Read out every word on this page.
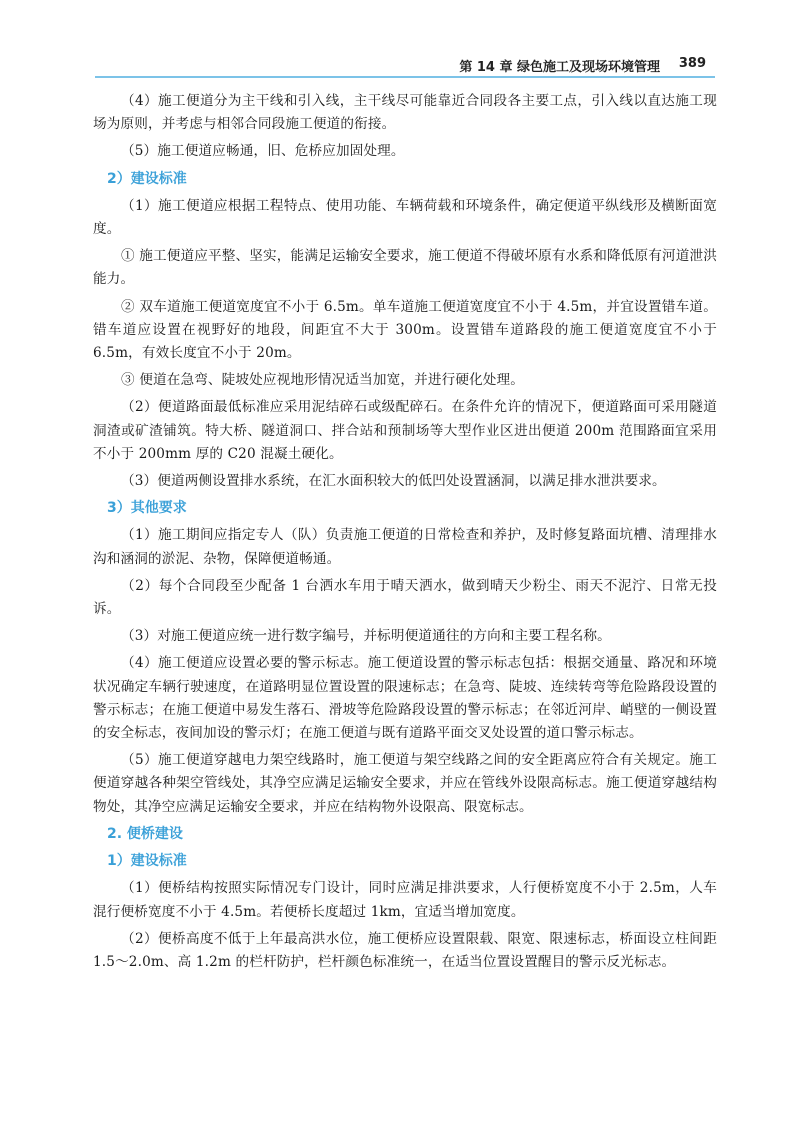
第 14 章 绿色施工及现场环境管理 389

（4）施工便道分为主干线和引入线，主干线尽可能靠近合同段各主要工点，引入线以直达施工现场为原则，并考虑与相邻合同段施工便道的衔接。

（5）施工便道应畅通，旧、危桥应加固处理。

2）建设标准

（1）施工便道应根据工程特点、使用功能、车辆荷载和环境条件，确定便道平纵线形及横断面宽度。

① 施工便道应平整、坚实，能满足运输安全要求，施工便道不得破坏原有水系和降低原有河道泄洪能力。

② 双车道施工便道宽度宜不小于 6.5m。单车道施工便道宽度宜不小于 4.5m，并宜设置错车道。错车道应设置在视野好的地段，间距宜不大于 300m。设置错车道路段的施工便道宽度宜不小于 6.5m，有效长度宜不小于 20m。

③ 便道在急弯、陡坡处应视地形情况适当加宽，并进行硬化处理。

（2）便道路面最低标准应采用泥结碎石或级配碎石。在条件允许的情况下，便道路面可采用隧道洞渣或矿渣铺筑。特大桥、隧道洞口、拌合站和预制场等大型作业区进出便道 200m 范围路面宜采用不小于 200mm 厚的 C20 混凝土硬化。

（3）便道两侧设置排水系统，在汇水面积较大的低凹处设置涵洞，以满足排水泄洪要求。

3）其他要求

（1）施工期间应指定专人（队）负责施工便道的日常检查和养护，及时修复路面坑槽、清理排水沟和涵洞的淤泥、杂物，保障便道畅通。

（2）每个合同段至少配备 1 台洒水车用于晴天洒水，做到晴天少粉尘、雨天不泥泞、日常无投诉。

（3）对施工便道应统一进行数字编号，并标明便道通往的方向和主要工程名称。

（4）施工便道应设置必要的警示标志。施工便道设置的警示标志包括：根据交通量、路况和环境状况确定车辆行驶速度，在道路明显位置设置的限速标志；在急弯、陡坡、连续转弯等危险路段设置的警示标志；在施工便道中易发生落石、滑坡等危险路段设置的警示标志；在邻近河岸、峭壁的一侧设置的安全标志，夜间加设的警示灯；在施工便道与既有道路平面交叉处设置的道口警示标志。

（5）施工便道穿越电力架空线路时，施工便道与架空线路之间的安全距离应符合有关规定。施工便道穿越各种架空管线处，其净空应满足运输安全要求，并应在管线外设限高标志。施工便道穿越结构物处，其净空应满足运输安全要求，并应在结构物外设限高、限宽标志。

2. 便桥建设
1）建设标准

（1）便桥结构按照实际情况专门设计，同时应满足排洪要求，人行便桥宽度不小于 2.5m，人车混行便桥宽度不小于 4.5m。若便桥长度超过 1km，宜适当增加宽度。

（2）便桥高度不低于上年最高洪水位，施工便桥应设置限载、限宽、限速标志，桥面设立柱间距 1.5～2.0m、高 1.2m 的栏杆防护，栏杆颜色标准统一，在适当位置设置醒目的警示反光标志。
